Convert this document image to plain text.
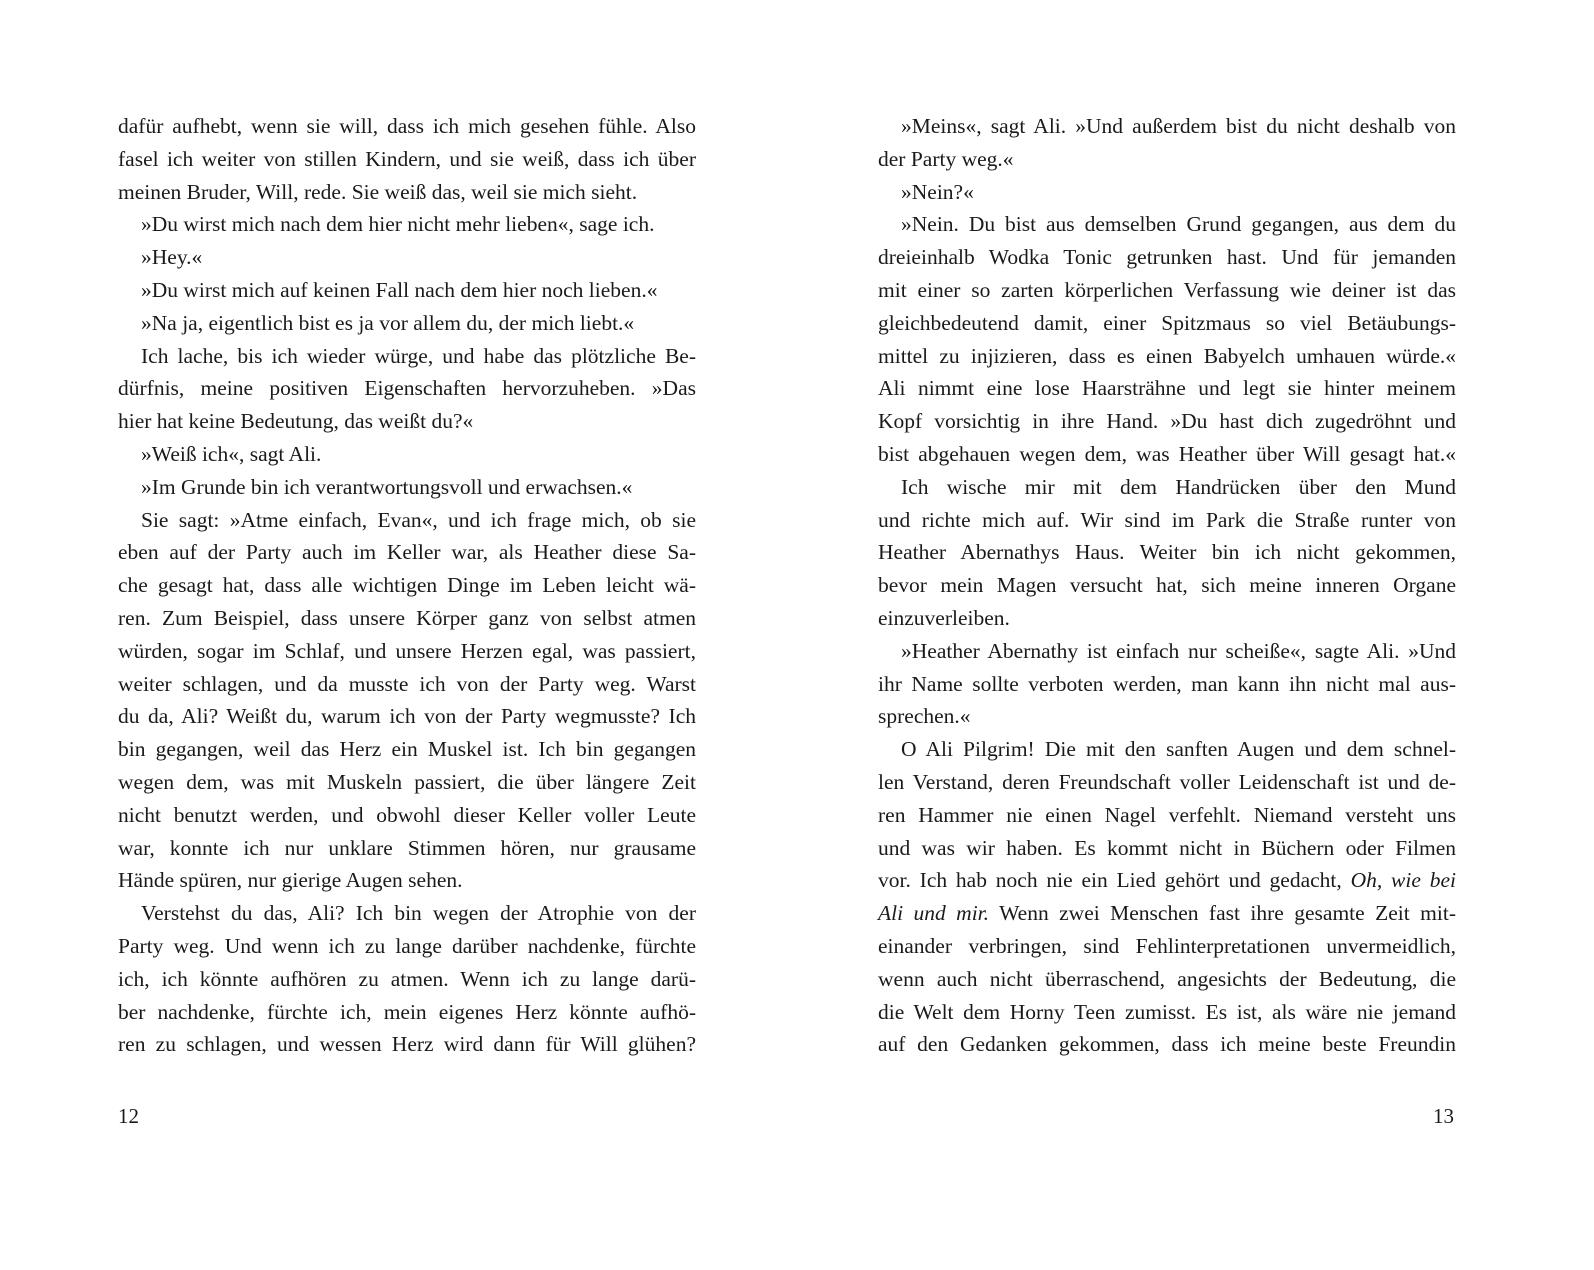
dafür aufhebt, wenn sie will, dass ich mich gesehen fühle. Also
fasel ich weiter von stillen Kindern, und sie weiß, dass ich über
meinen Bruder, Will, rede. Sie weiß das, weil sie mich sieht.
»Du wirst mich nach dem hier nicht mehr lieben«, sage ich.
»Hey.«
»Du wirst mich auf keinen Fall nach dem hier noch lieben.«
»Na ja, eigentlich bist es ja vor allem du, der mich liebt.«
Ich lache, bis ich wieder würge, und habe das plötzliche Be-
dürfnis, meine positiven Eigenschaften hervorzuheben. »Das
hier hat keine Bedeutung, das weißt du?«
»Weiß ich«, sagt Ali.
»Im Grunde bin ich verantwortungsvoll und erwachsen.«
Sie sagt: »Atme einfach, Evan«, und ich frage mich, ob sie
eben auf der Party auch im Keller war, als Heather diese Sa-
che gesagt hat, dass alle wichtigen Dinge im Leben leicht wä-
ren. Zum Beispiel, dass unsere Körper ganz von selbst atmen
würden, sogar im Schlaf, und unsere Herzen egal, was passiert,
weiter schlagen, und da musste ich von der Party weg. Warst
du da, Ali? Weißt du, warum ich von der Party wegmusste? Ich
bin gegangen, weil das Herz ein Muskel ist. Ich bin gegangen
wegen dem, was mit Muskeln passiert, die über längere Zeit
nicht benutzt werden, und obwohl dieser Keller voller Leute
war, konnte ich nur unklare Stimmen hören, nur grausame
Hände spüren, nur gierige Augen sehen.
Verstehst du das, Ali? Ich bin wegen der Atrophie von der
Party weg. Und wenn ich zu lange darüber nachdenke, fürchte
ich, ich könnte aufhören zu atmen. Wenn ich zu lange darü-
ber nachdenke, fürchte ich, mein eigenes Herz könnte aufhö-
ren zu schlagen, und wessen Herz wird dann für Will glühen?
12
»Meins«, sagt Ali. »Und außerdem bist du nicht deshalb von
der Party weg.«
»Nein?«
»Nein. Du bist aus demselben Grund gegangen, aus dem du
dreieinhalb Wodka Tonic getrunken hast. Und für jemanden
mit einer so zarten körperlichen Verfassung wie deiner ist das
gleichbedeutend damit, einer Spitzmaus so viel Betäubungs-
mittel zu injizieren, dass es einen Babyelch umhauen würde.«
Ali nimmt eine lose Haarsträhne und legt sie hinter meinem
Kopf vorsichtig in ihre Hand. »Du hast dich zugedröhnt und
bist abgehauen wegen dem, was Heather über Will gesagt hat.«
Ich wische mir mit dem Handrücken über den Mund
und richte mich auf. Wir sind im Park die Straße runter von
Heather Abernathys Haus. Weiter bin ich nicht gekommen,
bevor mein Magen versucht hat, sich meine inneren Organe
einzuverleiben.
»Heather Abernathy ist einfach nur scheiße«, sagte Ali. »Und
ihr Name sollte verboten werden, man kann ihn nicht mal aus-
sprechen.«
O Ali Pilgrim! Die mit den sanften Augen und dem schnel-
len Verstand, deren Freundschaft voller Leidenschaft ist und de-
ren Hammer nie einen Nagel verfehlt. Niemand versteht uns
und was wir haben. Es kommt nicht in Büchern oder Filmen
vor. Ich hab noch nie ein Lied gehört und gedacht, Oh, wie bei
Ali und mir. Wenn zwei Menschen fast ihre gesamte Zeit mit-
einander verbringen, sind Fehlinterpretationen unvermeidlich,
wenn auch nicht überraschend, angesichts der Bedeutung, die
die Welt dem Horny Teen zumisst. Es ist, als wäre nie jemand
auf den Gedanken gekommen, dass ich meine beste Freundin
13
